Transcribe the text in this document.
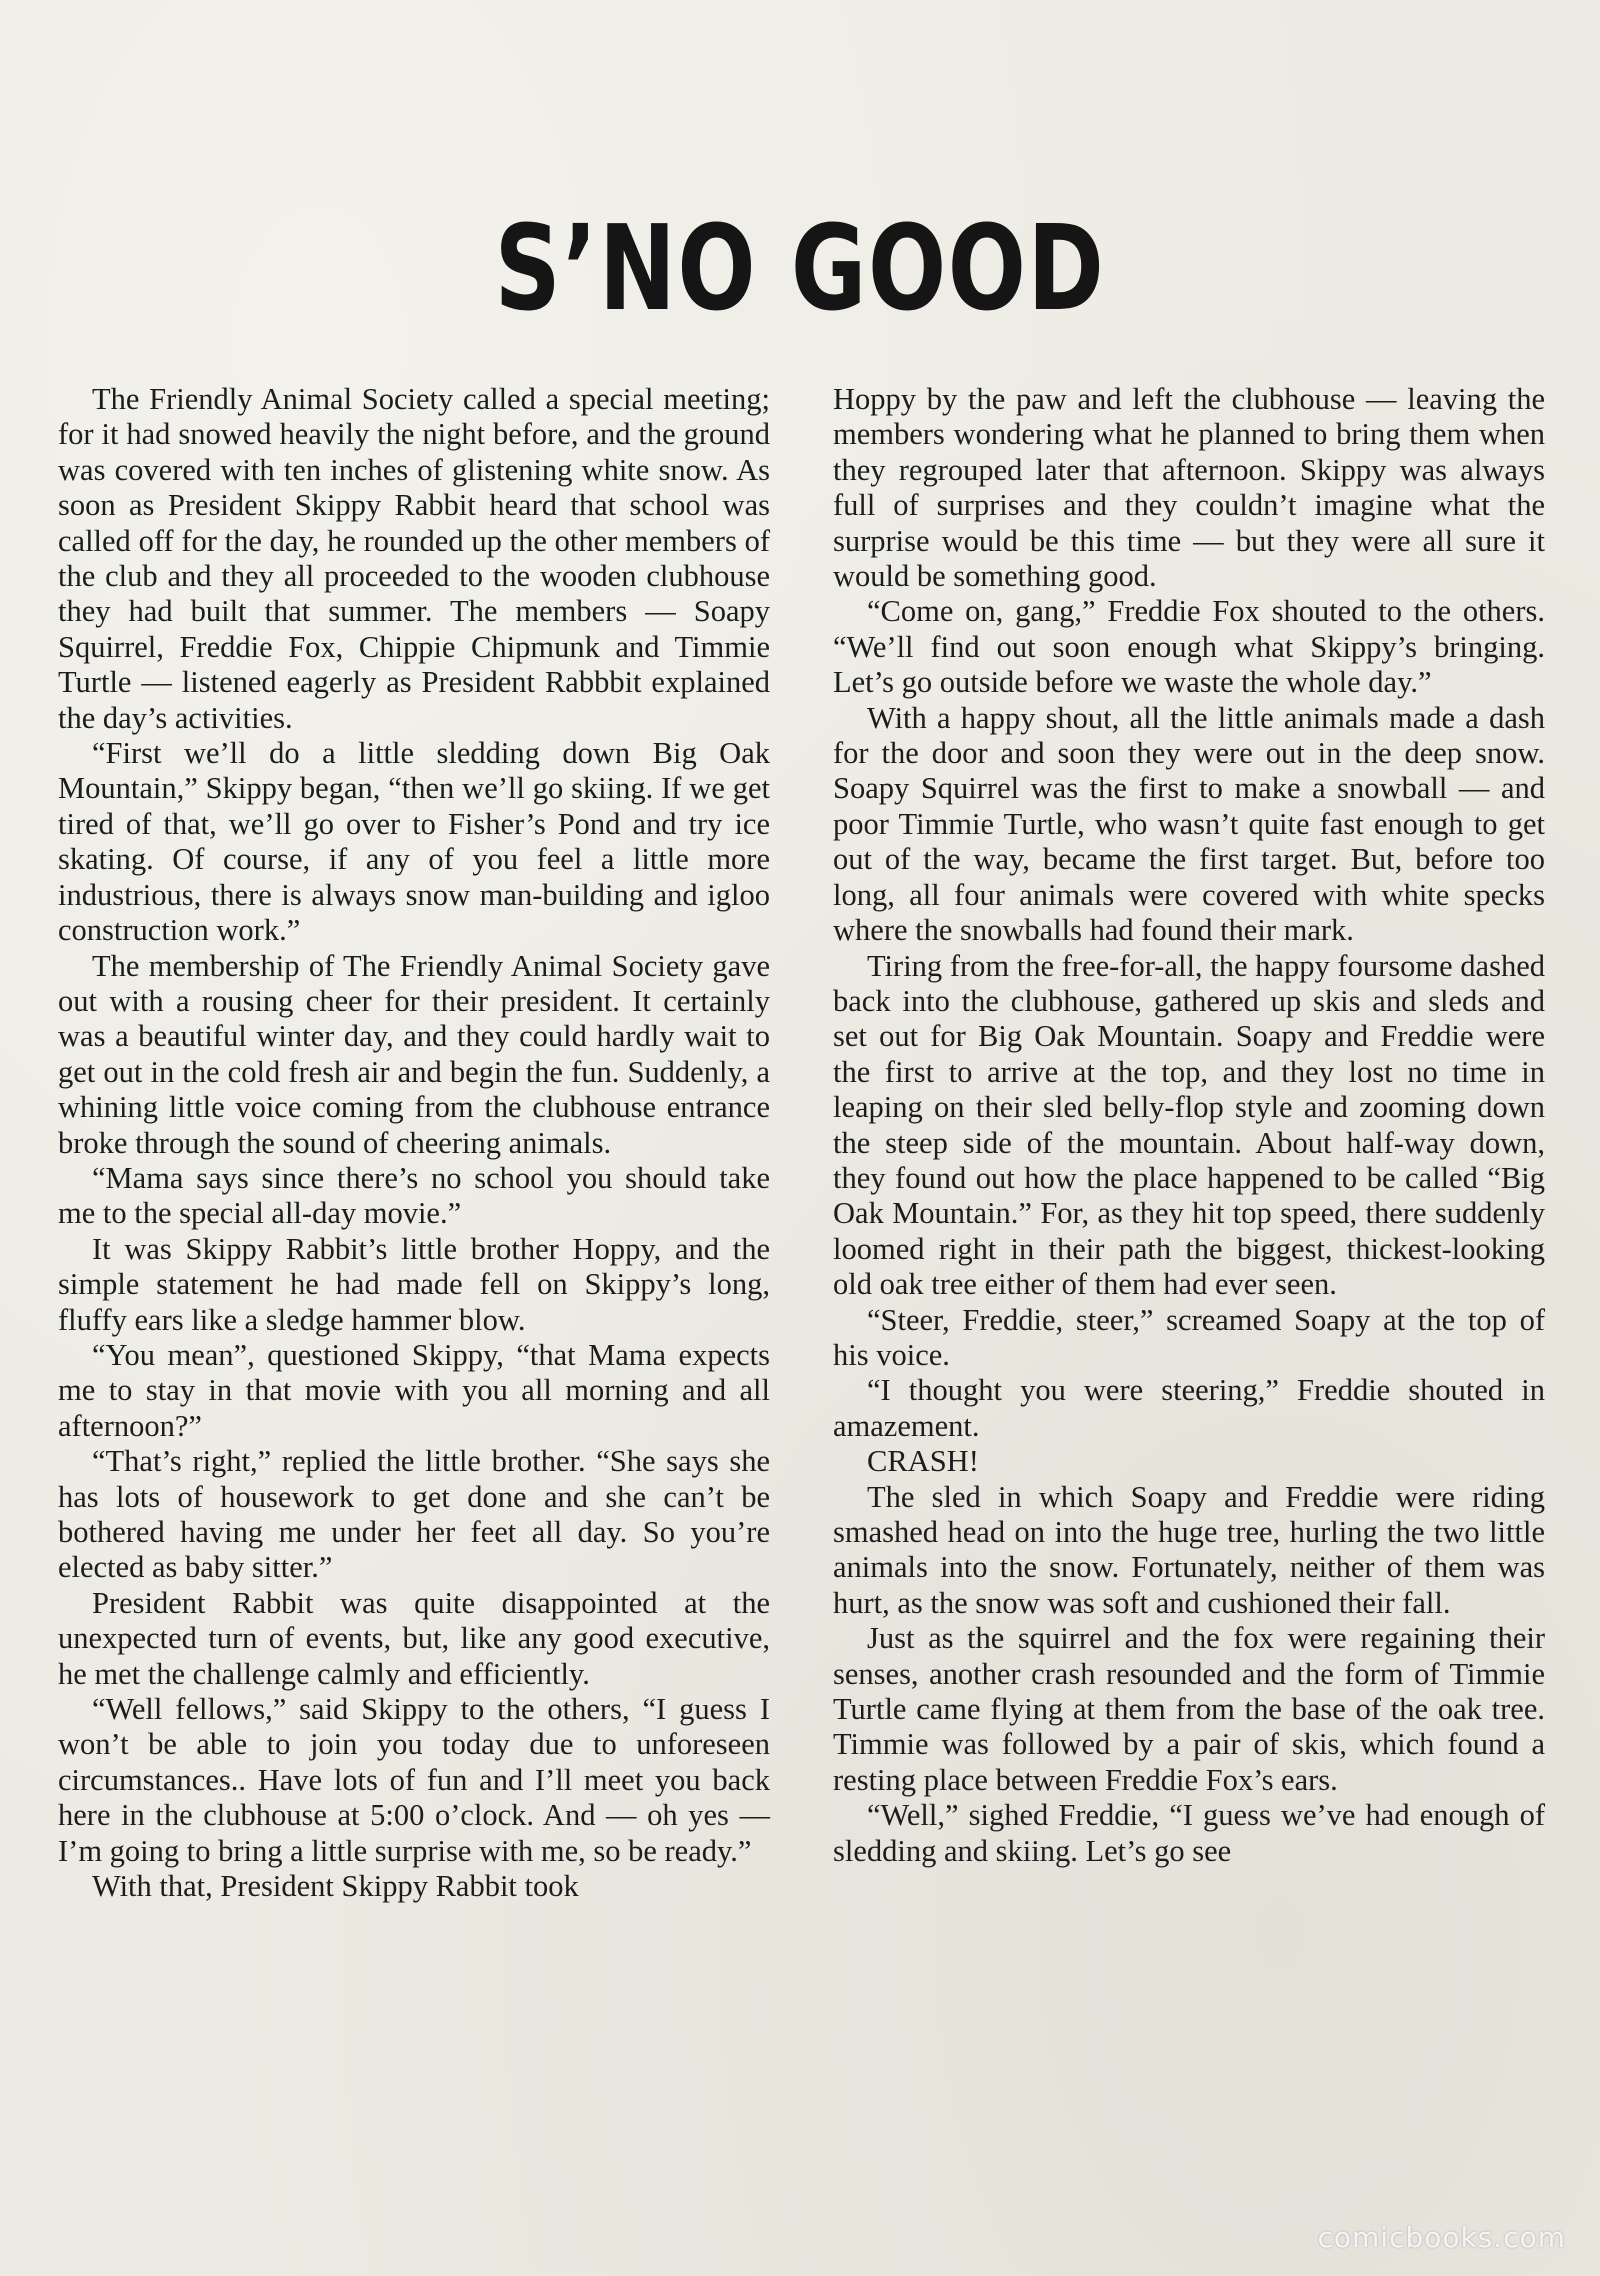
S’NO GOOD

The Friendly Animal Society called a special meeting; for it had snowed heavily the night before, and the ground was covered with ten inches of glistening white snow. As soon as President Skippy Rabbit heard that school was called off for the day, he rounded up the other members of the club and they all proceeded to the wooden clubhouse they had built that summer. The members — Soapy Squirrel, Freddie Fox, Chippie Chipmunk and Timmie Turtle — listened eagerly as President Rabbbit explained the day’s activities.

“First we’ll do a little sledding down Big Oak Mountain,” Skippy began, “then we’ll go skiing. If we get tired of that, we’ll go over to Fisher’s Pond and try ice skating. Of course, if any of you feel a little more industrious, there is always snow man-building and igloo construction work.”

The membership of The Friendly Animal Society gave out with a rousing cheer for their president. It certainly was a beautiful winter day, and they could hardly wait to get out in the cold fresh air and begin the fun. Suddenly, a whining little voice coming from the clubhouse entrance broke through the sound of cheering animals.

“Mama says since there’s no school you should take me to the special all-day movie.”

It was Skippy Rabbit’s little brother Hoppy, and the simple statement he had made fell on Skippy’s long, fluffy ears like a sledge hammer blow.

“You mean”, questioned Skippy, “that Mama expects me to stay in that movie with you all morning and all afternoon?”

“That’s right,” replied the little brother. “She says she has lots of housework to get done and she can’t be bothered having me under her feet all day. So you’re elected as baby sitter.”

President Rabbit was quite disappointed at the unexpected turn of events, but, like any good executive, he met the challenge calmly and efficiently.

“Well fellows,” said Skippy to the others, “I guess I won’t be able to join you today due to unforeseen circumstances.. Have lots of fun and I’ll meet you back here in the clubhouse at 5:00 o’clock. And — oh yes — I’m going to bring a little surprise with me, so be ready.”

With that, President Skippy Rabbit took

Hoppy by the paw and left the clubhouse — leaving the members wondering what he planned to bring them when they regrouped later that afternoon. Skippy was always full of surprises and they couldn’t imagine what the surprise would be this time — but they were all sure it would be something good.

“Come on, gang,” Freddie Fox shouted to the others. “We’ll find out soon enough what Skippy’s bringing. Let’s go outside before we waste the whole day.”

With a happy shout, all the little animals made a dash for the door and soon they were out in the deep snow. Soapy Squirrel was the first to make a snowball — and poor Timmie Turtle, who wasn’t quite fast enough to get out of the way, became the first target. But, before too long, all four animals were covered with white specks where the snowballs had found their mark.

Tiring from the free-for-all, the happy foursome dashed back into the clubhouse, gathered up skis and sleds and set out for Big Oak Mountain. Soapy and Freddie were the first to arrive at the top, and they lost no time in leaping on their sled belly-flop style and zooming down the steep side of the mountain. About half-way down, they found out how the place happened to be called “Big Oak Mountain.” For, as they hit top speed, there suddenly loomed right in their path the biggest, thickest-looking old oak tree either of them had ever seen.

“Steer, Freddie, steer,” screamed Soapy at the top of his voice.

“I thought you were steering,” Freddie shouted in amazement.

CRASH!

The sled in which Soapy and Freddie were riding smashed head on into the huge tree, hurling the two little animals into the snow. Fortunately, neither of them was hurt, as the snow was soft and cushioned their fall.

Just as the squirrel and the fox were regaining their senses, another crash resounded and the form of Timmie Turtle came flying at them from the base of the oak tree. Timmie was followed by a pair of skis, which found a resting place between Freddie Fox’s ears.

“Well,” sighed Freddie, “I guess we’ve had enough of sledding and skiing. Let’s go see

comicbooks.com
